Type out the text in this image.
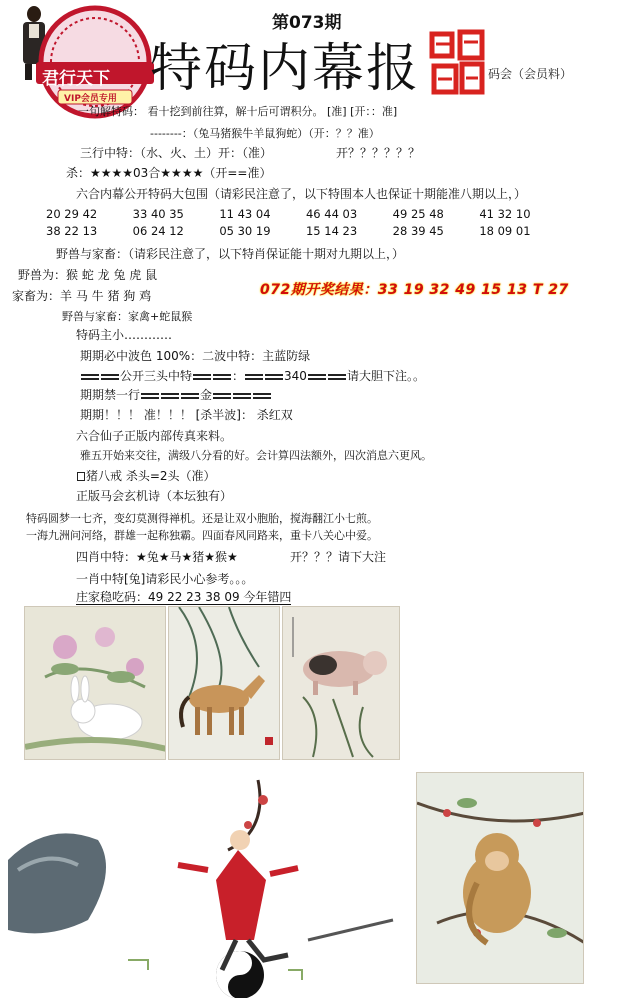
君行天下
VIP会员专用
第073期
特码内幕报	码会（会员料）
一句解特码： 看十挖到前往算，解十后可谓积分。 [准] [开：：准]
--------：（兔马猪猴牛羊鼠狗蛇）（开：？？准）
三行中特：（水、火、土）开：（准）	开？？？？？？
杀：★★★★03合★★★★（开==准）
六合内幕公开特码大包围（请彩民注意了，以下特围本人也保证十期能准八期以上，）
20 29 42	33 40 35	11 43 04	46 44 03	49 25 48	41 32 10
38 22 13	06 24 12	05 30 19	15 14 23	28 39 45	18 09 01
野兽与家畜：（请彩民注意了，以下特肖保证能十期对九期以上，）
野兽为：猴 蛇 龙 兔 虎 鼠
072期开奖结果：33 19 32 49 15 13 T 27
家畜为：羊 马 牛 猪 狗 鸡
野兽与家畜：家禽+蛇鼠猴
特码主小…………
期期必中波色 100%：二波中特：主蓝防绿
公开三头中特	：	340	请大胆下注。。
期期禁一行	金
期期！！！ 准！！！ [杀半波]： 杀红双
六合仙子正版内部传真来料。
雅五开始来交往，满级八分看的好。会计算四法额外，四次消息六更风。
猪八戒 杀头=2头（准）
正版马会玄机诗（本坛独有）
特码圆梦一七齐，变幻莫测得禅机。还是让双小胞胎，搅海翻江小七煎。
一海九洲问河络，群雄一起称独霸。四面春风同路来，重卡八关心中爱。
四肖中特：★兔★马★猪★猴★	开？？？请下大注
一肖中特[兔]请彩民小心参考。。。
庄家稳吃码：49 22 23 38 09 今年错四
